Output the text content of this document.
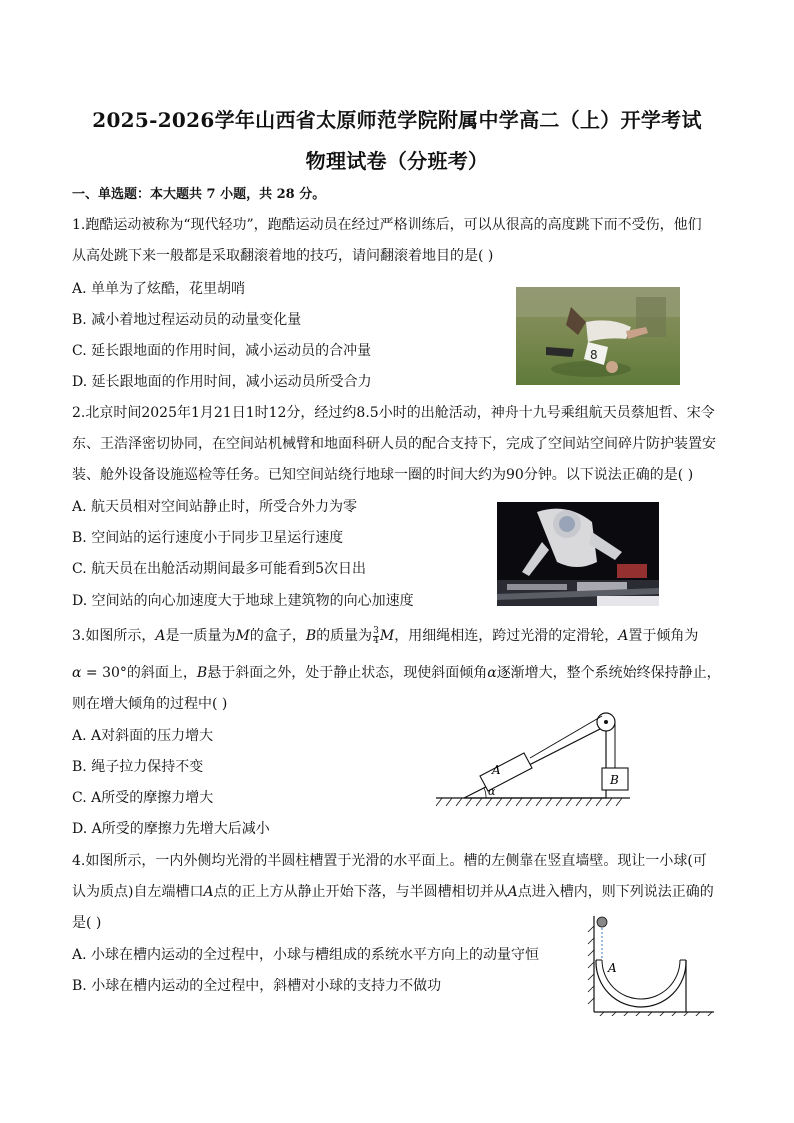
2025-2026学年山西省太原师范学院附属中学高二（上）开学考试
物理试卷（分班考）
一、单选题：本大题共 7 小题，共 28 分。
1.跑酷运动被称为“现代轻功”，跑酷运动员在经过严格训练后，可以从很高的高度跳下而不受伤，他们
从高处跳下来一般都是采取翻滚着地的技巧，请问翻滚着地目的是( )
A. 单单为了炫酷，花里胡哨
B. 减小着地过程运动员的动量变化量
C. 延长跟地面的作用时间，减小运动员的合冲量
D. 延长跟地面的作用时间，减小运动员所受合力
8
2.北京时间2025年1月21日1时12分，经过约8.5小时的出舱活动，神舟十九号乘组航天员蔡旭哲、宋令
东、王浩泽密切协同，在空间站机械臂和地面科研人员的配合支持下，完成了空间站空间碎片防护装置安
装、舱外设备设施巡检等任务。已知空间站绕行地球一圈的时间大约为90分钟。以下说法正确的是( )
A. 航天员相对空间站静止时，所受合外力为零
B. 空间站的运行速度小于同步卫星运行速度
C. 航天员在出舱活动期间最多可能看到5次日出
D. 空间站的向心加速度大于地球上建筑物的向心加速度
3.如图所示，A是一质量为M的盒子，B的质量为 $\frac{3}{4}$ M，用细绳相连，跨过光滑的定滑轮，A置于倾角为
α = 30°的斜面上，B悬于斜面之外，处于静止状态，现使斜面倾角α逐渐增大，整个系统始终保持静止，
则在增大倾角的过程中( )
A. A对斜面的压力增大
B. 绳子拉力保持不变
C. A所受的摩擦力增大
D. A所受的摩擦力先增大后减小
A
B
α
4.如图所示，一内外侧均光滑的半圆柱槽置于光滑的水平面上。槽的左侧靠在竖直墙壁。现让一小球(可
认为质点)自左端槽口A点的正上方从静止开始下落，与半圆槽相切并从A点进入槽内，则下列说法正确的
是( )
A. 小球在槽内运动的全过程中，小球与槽组成的系统水平方向上的动量守恒
B. 小球在槽内运动的全过程中，斜槽对小球的支持力不做功
A
